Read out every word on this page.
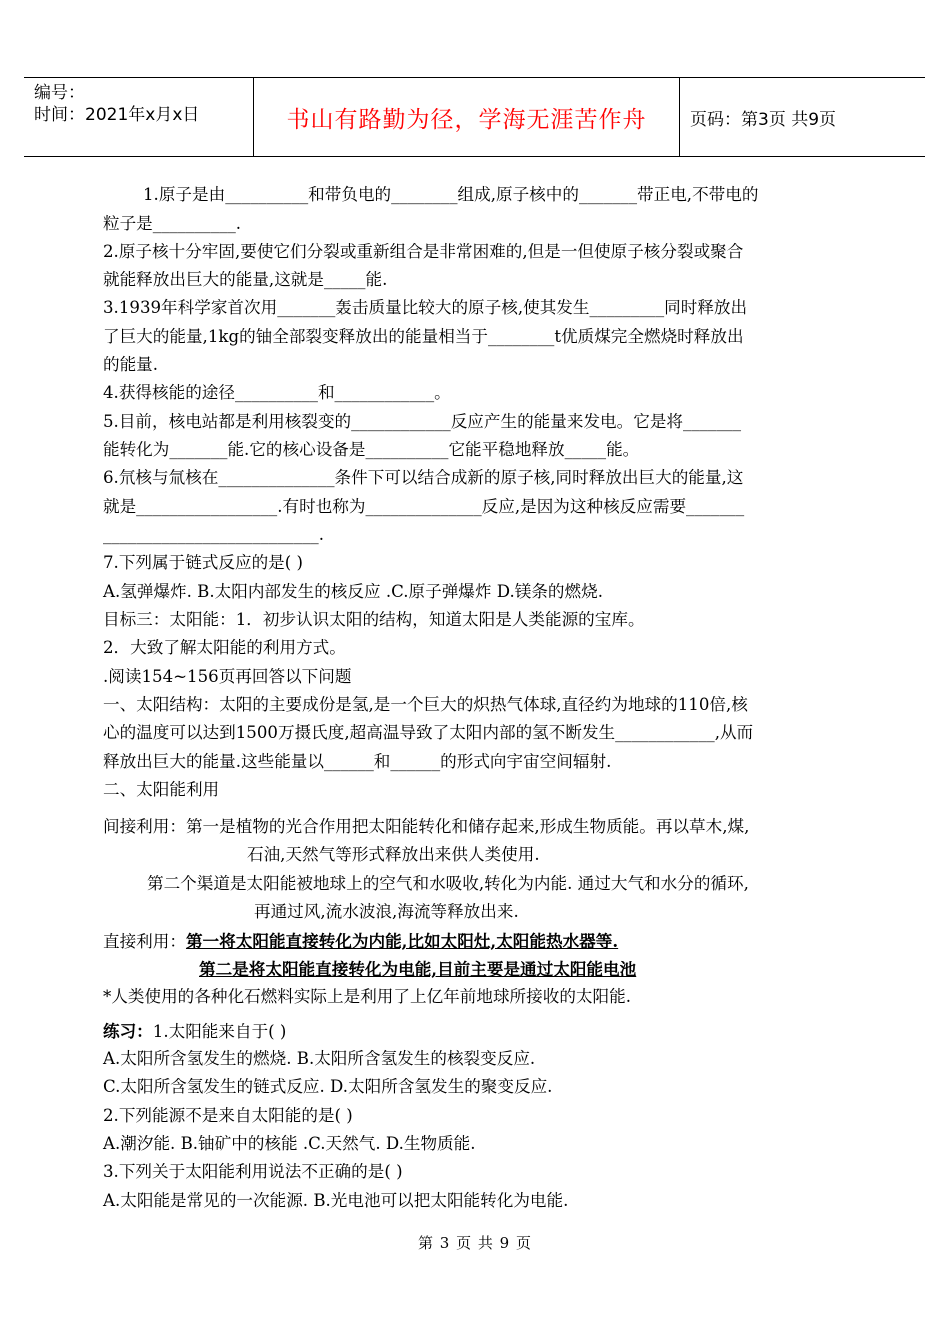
编号：
时间：2021年x月x日	书山有路勤为径，学海无涯苦作舟	页码：第3页 共9页
1.原子是由__________和带负电的________组成,原子核中的_______带正电,不带电的
粒子是__________.
2.原子核十分牢固,要使它们分裂或重新组合是非常困难的,但是一但使原子核分裂或聚合
就能释放出巨大的能量,这就是_____能.
3.1939年科学家首次用_______轰击质量比较大的原子核,使其发生_________同时释放出
了巨大的能量,1kg的铀全部裂变释放出的能量相当于________t优质煤完全燃烧时释放出
的能量.
4.获得核能的途径__________和____________。
5.目前，核电站都是利用核裂变的____________反应产生的能量来发电。它是将_______
能转化为_______能.它的核心设备是__________它能平稳地释放_____能。
6.氘核与氚核在______________条件下可以结合成新的原子核,同时释放出巨大的能量,这
就是_________________.有时也称为______________反应,是因为这种核反应需要_______
__________________________.
7.下列属于链式反应的是( )
A.氢弹爆炸. B.太阳内部发生的核反应 .C.原子弹爆炸 D.镁条的燃烧.
目标三：太阳能：1．初步认识太阳的结构，知道太阳是人类能源的宝库。
2．大致了解太阳能的利用方式。
.阅读154~156页再回答以下问题
一、太阳结构：太阳的主要成份是氢,是一个巨大的炽热气体球,直径约为地球的110倍,核
心的温度可以达到1500万摄氏度,超高温导致了太阳内部的氢不断发生____________,从而
释放出巨大的能量.这些能量以______和______的形式向宇宙空间辐射.
二、太阳能利用
间接利用：第一是植物的光合作用把太阳能转化和储存起来,形成生物质能。再以草木,煤,
石油,天然气等形式释放出来供人类使用.
第二个渠道是太阳能被地球上的空气和水吸收,转化为内能. 通过大气和水分的循环,
再通过风,流水波浪,海流等释放出来.
直接利用：第一将太阳能直接转化为内能,比如太阳灶,太阳能热水器等.
第二是将太阳能直接转化为电能,目前主要是通过太阳能电池
*人类使用的各种化石燃料实际上是利用了上亿年前地球所接收的太阳能.
练习：1.太阳能来自于( )
A.太阳所含氢发生的燃烧. B.太阳所含氢发生的核裂变反应.
C.太阳所含氢发生的链式反应. D.太阳所含氢发生的聚变反应.
2.下列能源不是来自太阳能的是( )
A.潮汐能. B.铀矿中的核能 .C.天然气. D.生物质能.
3.下列关于太阳能利用说法不正确的是( )
A.太阳能是常见的一次能源. B.光电池可以把太阳能转化为电能.
第 3 页 共 9 页
